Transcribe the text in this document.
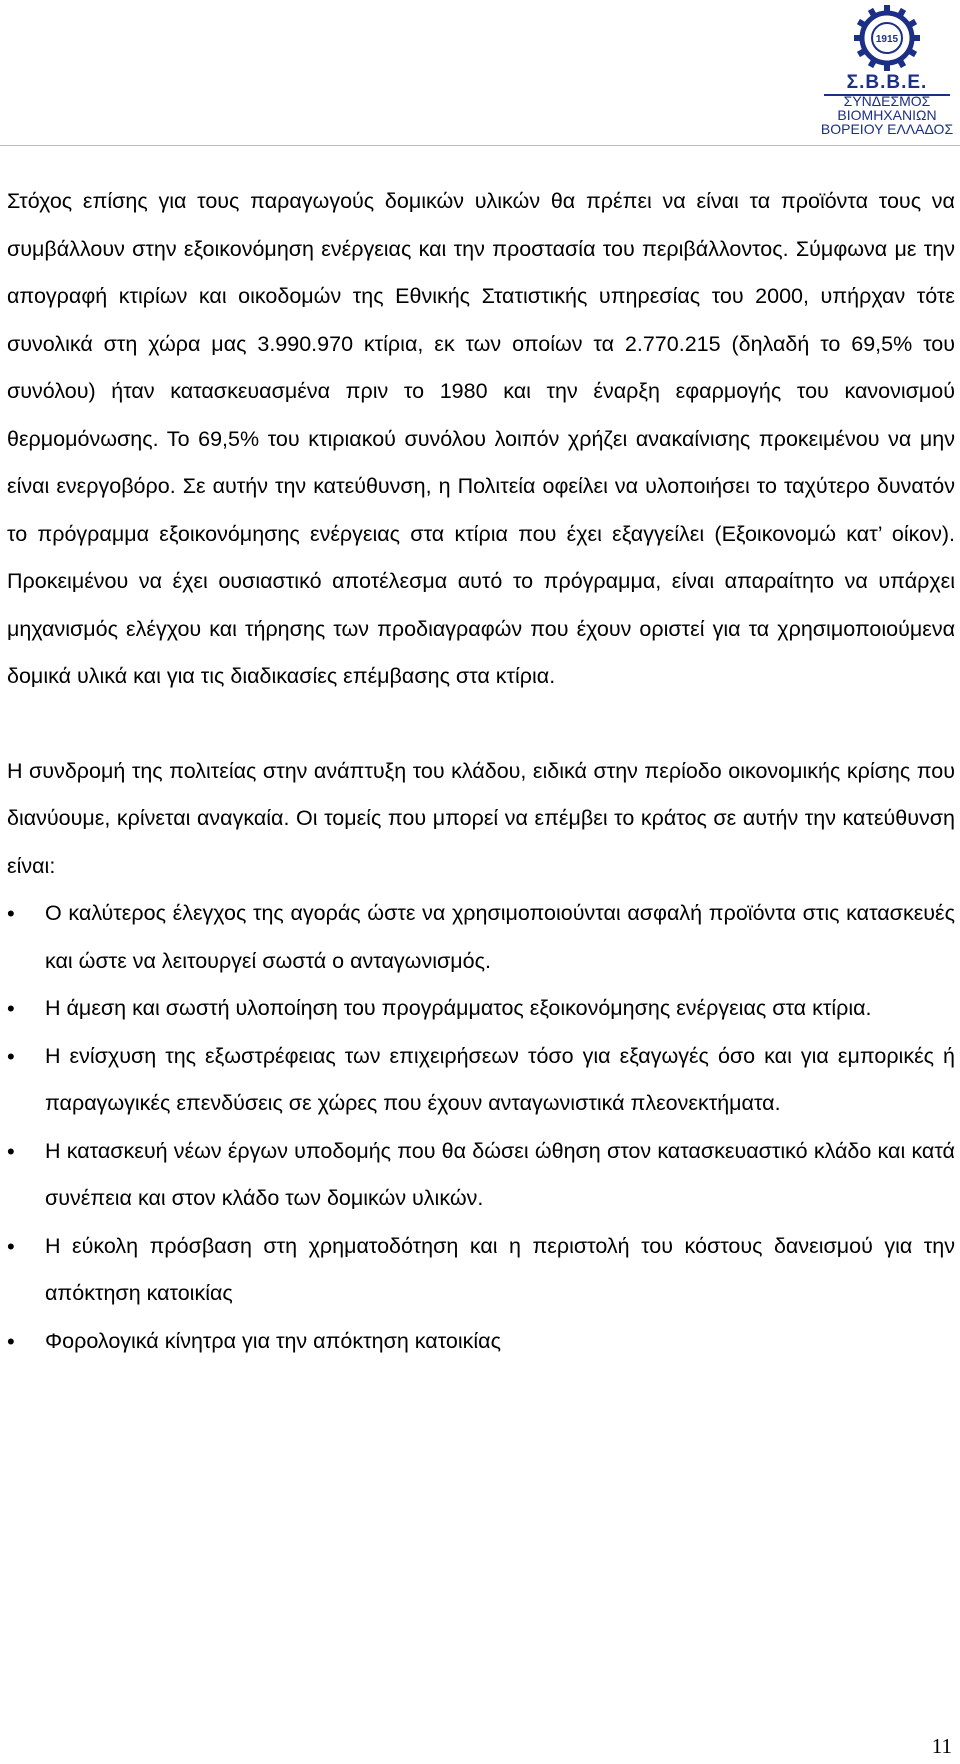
1915
Σ.Β.Β.Ε.
ΣΥΝΔΕΣΜΟΣ
ΒΙΟΜΗΧΑΝΙΩΝ
ΒΟΡΕΙΟΥ ΕΛΛΑΔΟΣ

Στόχος επίσης για τους παραγωγούς δομικών υλικών θα πρέπει να είναι τα προϊόντα τους να συμβάλλουν στην εξοικονόμηση ενέργειας και την προστασία του περιβάλλοντος. Σύμφωνα με την απογραφή κτιρίων και οικοδομών της Εθνικής Στατιστικής υπηρεσίας του 2000, υπήρχαν τότε συνολικά στη χώρα μας 3.990.970 κτίρια, εκ των οποίων τα 2.770.215 (δηλαδή το 69,5% του συνόλου) ήταν κατασκευασμένα πριν το 1980 και την έναρξη εφαρμογής του κανονισμού θερμομόνωσης. Το 69,5% του κτιριακού συνόλου λοιπόν χρήζει ανακαίνισης προκειμένου να μην είναι ενεργοβόρο. Σε αυτήν την κατεύθυνση, η Πολιτεία οφείλει να υλοποιήσει το ταχύτερο δυνατόν το πρόγραμμα εξοικονόμησης ενέργειας στα κτίρια που έχει εξαγγείλει (Εξοικονομώ κατ’ οίκον). Προκειμένου να έχει ουσιαστικό αποτέλεσμα αυτό το πρόγραμμα, είναι απαραίτητο να υπάρχει μηχανισμός ελέγχου και τήρησης των προδιαγραφών που έχουν οριστεί για τα χρησιμοποιούμενα δομικά υλικά και για τις διαδικασίες επέμβασης στα κτίρια.

Η συνδρομή της πολιτείας στην ανάπτυξη του κλάδου, ειδικά στην περίοδο οικονομικής κρίσης που διανύουμε, κρίνεται αναγκαία. Οι τομείς που μπορεί να επέμβει το κράτος σε αυτήν την κατεύθυνση είναι:

•	Ο καλύτερος έλεγχος της αγοράς ώστε να χρησιμοποιούνται ασφαλή προϊόντα στις κατασκευές και ώστε να λειτουργεί σωστά ο ανταγωνισμός.
•	Η άμεση και σωστή υλοποίηση του προγράμματος εξοικονόμησης ενέργειας στα κτίρια.
•	Η ενίσχυση της εξωστρέφειας των επιχειρήσεων τόσο για εξαγωγές όσο και για εμπορικές ή παραγωγικές επενδύσεις σε χώρες που έχουν ανταγωνιστικά πλεονεκτήματα.
•	Η κατασκευή νέων έργων υποδομής που θα δώσει ώθηση στον κατασκευαστικό κλάδο και κατά συνέπεια και στον κλάδο των δομικών υλικών.
•	Η εύκολη πρόσβαση στη χρηματοδότηση και η περιστολή του κόστους δανεισμού για την απόκτηση κατοικίας
•	Φορολογικά κίνητρα για την απόκτηση κατοικίας
11
